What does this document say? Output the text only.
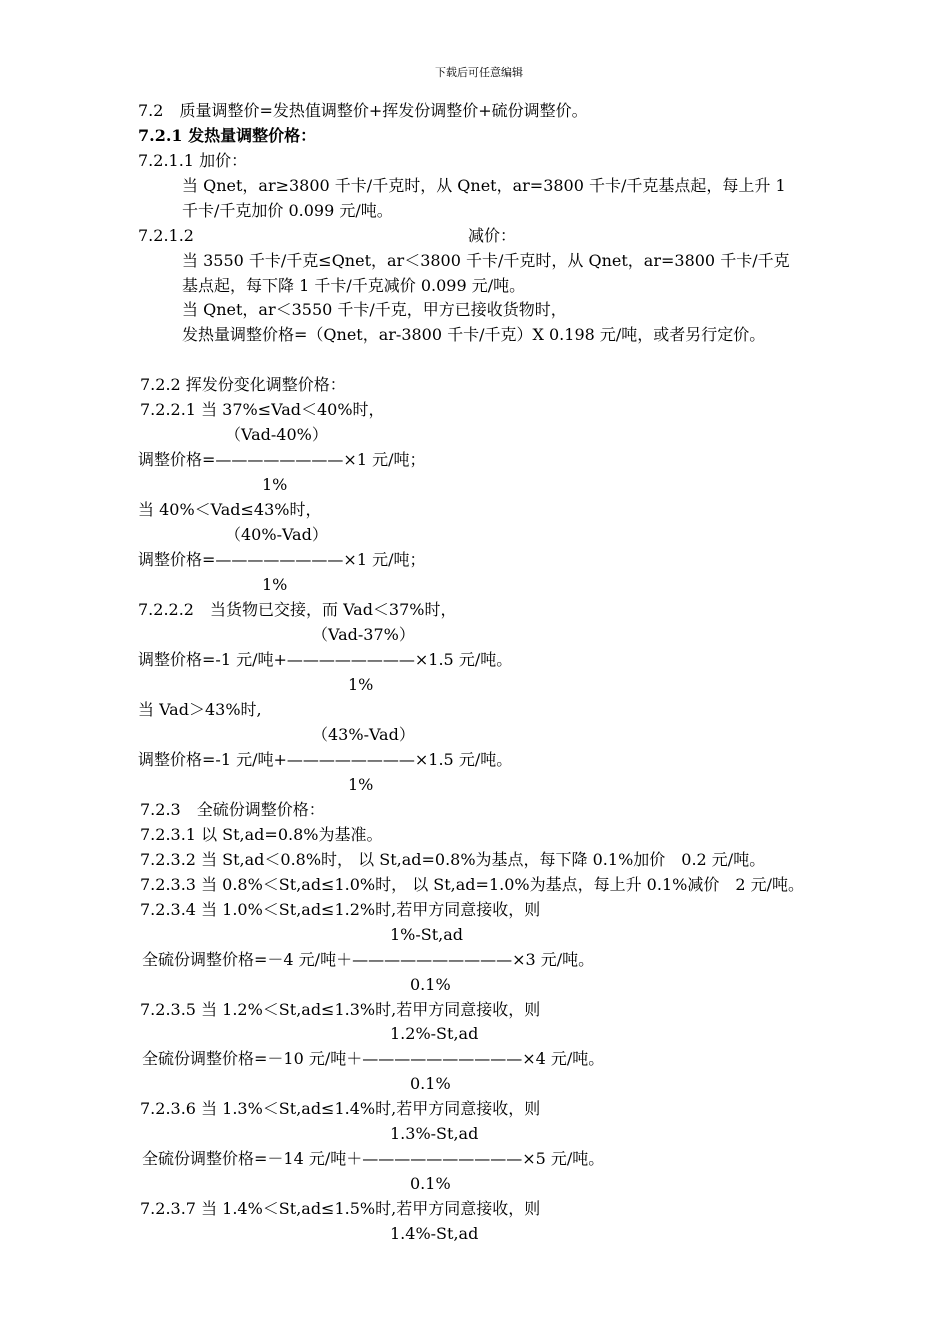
下载后可任意编辑
7.2　质量调整价=发热值调整价+挥发份调整价+硫份调整价。
7.2.1 发热量调整价格：
7.2.1.1 加价：
当 Qnet，ar≥3800 千卡/千克时，从 Qnet，ar=3800 千卡/千克基点起，每上升 1
千卡/千克加价 0.099 元/吨。
7.2.1.2	减价：
当 3550 千卡/千克≤Qnet，ar＜3800 千卡/千克时，从 Qnet，ar=3800 千卡/千克
基点起，每下降 1 千卡/千克减价 0.099 元/吨。
当 Qnet，ar＜3550 千卡/千克，甲方已接收货物时，
发热量调整价格=（Qnet，ar-3800 千卡/千克）X 0.198 元/吨，或者另行定价。
7.2.2 挥发份变化调整价格：
7.2.2.1 当 37%≤Vad＜40%时，
（Vad-40%）
调整价格=————————×1 元/吨；
1%
当 40%＜Vad≤43%时，
（40%-Vad）
调整价格=————————×1 元/吨；
1%
7.2.2.2　当货物已交接，而 Vad＜37%时，
（Vad-37%）
调整价格=-1 元/吨+————————×1.5 元/吨。
1%
当 Vad＞43%时,
（43%-Vad）
调整价格=-1 元/吨+————————×1.5 元/吨。
1%
7.2.3　全硫份调整价格：
7.2.3.1 以 St,ad=0.8%为基准。
7.2.3.2 当 St,ad＜0.8%时， 以 St,ad=0.8%为基点，每下降 0.1%加价　0.2 元/吨。
7.2.3.3 当 0.8%＜St,ad≤1.0%时， 以 St,ad=1.0%为基点，每上升 0.1%减价　2 元/吨。
7.2.3.4 当 1.0%＜St,ad≤1.2%时,若甲方同意接收，则
1%-St,ad
全硫份调整价格=－4 元/吨＋——————————×3 元/吨。
0.1%
7.2.3.5 当 1.2%＜St,ad≤1.3%时,若甲方同意接收，则
1.2%-St,ad
全硫份调整价格=－10 元/吨＋——————————×4 元/吨。
0.1%
7.2.3.6 当 1.3%＜St,ad≤1.4%时,若甲方同意接收，则
1.3%-St,ad
全硫份调整价格=－14 元/吨＋——————————×5 元/吨。
0.1%
7.2.3.7 当 1.4%＜St,ad≤1.5%时,若甲方同意接收，则
1.4%-St,ad
